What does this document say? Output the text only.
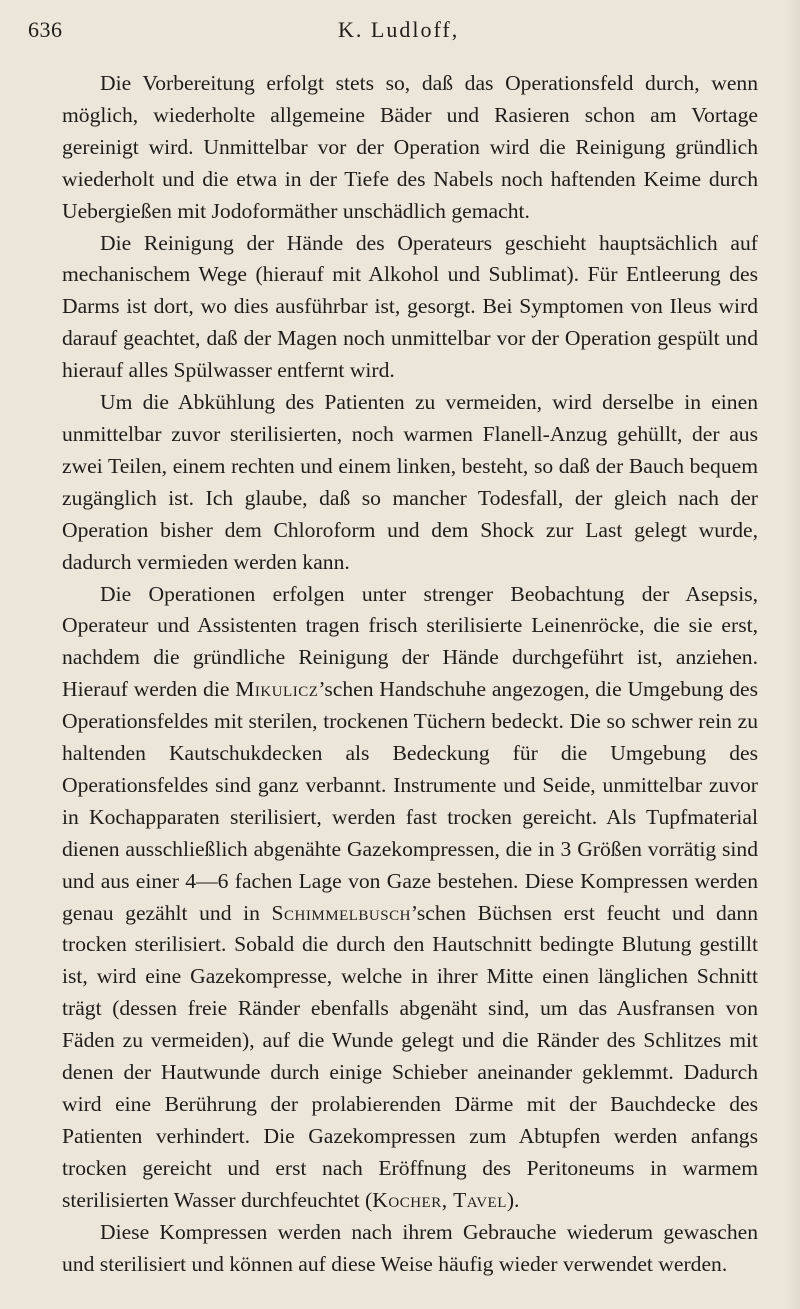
636	K. Ludloff,

Die Vorbereitung erfolgt stets so, daß das Operationsfeld durch, wenn möglich, wiederholte allgemeine Bäder und Rasieren schon am Vortage gereinigt wird. Unmittelbar vor der Operation wird die Reinigung gründlich wiederholt und die etwa in der Tiefe des Nabels noch haftenden Keime durch Uebergießen mit Jodoformäther unschädlich gemacht.

Die Reinigung der Hände des Operateurs geschieht hauptsächlich auf mechanischem Wege (hierauf mit Alkohol und Sublimat). Für Entleerung des Darms ist dort, wo dies ausführbar ist, gesorgt. Bei Symptomen von Ileus wird darauf geachtet, daß der Magen noch unmittelbar vor der Operation gespült und hierauf alles Spülwasser entfernt wird.

Um die Abkühlung des Patienten zu vermeiden, wird derselbe in einen unmittelbar zuvor sterilisierten, noch warmen Flanell-Anzug gehüllt, der aus zwei Teilen, einem rechten und einem linken, besteht, so daß der Bauch bequem zugänglich ist. Ich glaube, daß so mancher Todesfall, der gleich nach der Operation bisher dem Chloroform und dem Shock zur Last gelegt wurde, dadurch vermieden werden kann.

Die Operationen erfolgen unter strenger Beobachtung der Asepsis, Operateur und Assistenten tragen frisch sterilisierte Leinenröcke, die sie erst, nachdem die gründliche Reinigung der Hände durchgeführt ist, anziehen. Hierauf werden die Mikulicz’schen Handschuhe angezogen, die Umgebung des Operationsfeldes mit sterilen, trockenen Tüchern bedeckt. Die so schwer rein zu haltenden Kautschukdecken als Bedeckung für die Umgebung des Operationsfeldes sind ganz verbannt. Instrumente und Seide, unmittelbar zuvor in Kochapparaten sterilisiert, werden fast trocken gereicht. Als Tupfmaterial dienen ausschließlich abgenähte Gazekompressen, die in 3 Größen vorrätig sind und aus einer 4—6 fachen Lage von Gaze bestehen. Diese Kompressen werden genau gezählt und in Schimmelbusch’schen Büchsen erst feucht und dann trocken sterilisiert. Sobald die durch den Hautschnitt bedingte Blutung gestillt ist, wird eine Gazekompresse, welche in ihrer Mitte einen länglichen Schnitt trägt (dessen freie Ränder ebenfalls abgenäht sind, um das Ausfransen von Fäden zu vermeiden), auf die Wunde gelegt und die Ränder des Schlitzes mit denen der Hautwunde durch einige Schieber aneinander geklemmt. Dadurch wird eine Berührung der prolabierenden Därme mit der Bauchdecke des Patienten verhindert. Die Gazekompressen zum Abtupfen werden anfangs trocken gereicht und erst nach Eröffnung des Peritoneums in warmem sterilisierten Wasser durchfeuchtet (Kocher, Tavel).

Diese Kompressen werden nach ihrem Gebrauche wiederum gewaschen und sterilisiert und können auf diese Weise häufig wieder verwendet werden.
